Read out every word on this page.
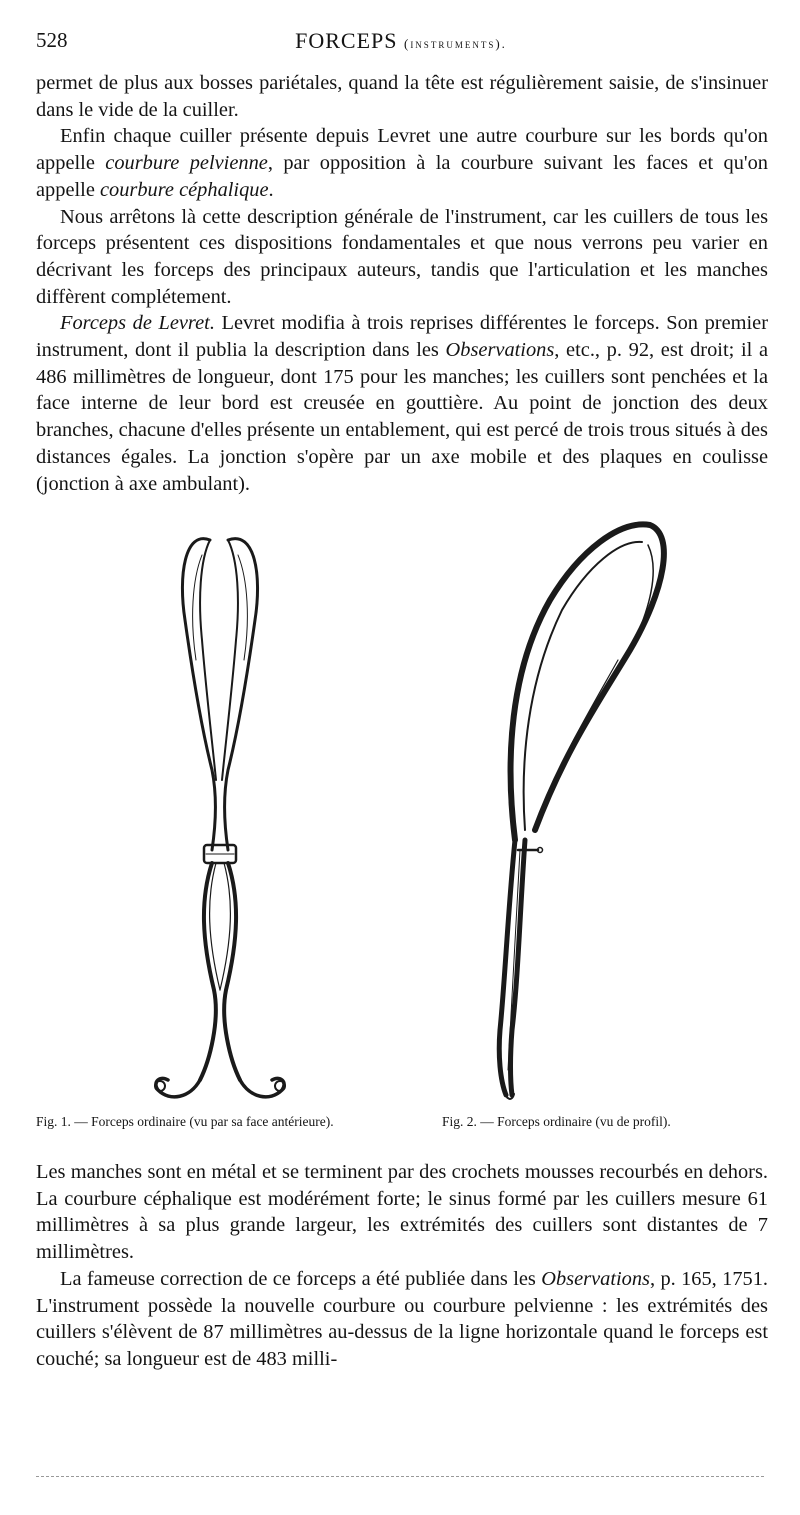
528	FORCEPS (instruments).

permet de plus aux bosses pariétales, quand la tête est régulièrement saisie, de s'insinuer dans le vide de la cuiller.

Enfin chaque cuiller présente depuis Levret une autre courbure sur les bords qu'on appelle courbure pelvienne, par opposition à la courbure suivant les faces et qu'on appelle courbure céphalique.

Nous arrêtons là cette description générale de l'instrument, car les cuillers de tous les forceps présentent ces dispositions fondamentales et que nous verrons peu varier en décrivant les forceps des principaux auteurs, tandis que l'articulation et les manches diffèrent complétement.

Forceps de Levret. Levret modifia à trois reprises différentes le forceps. Son premier instrument, dont il publia la description dans les Observations, etc., p. 92, est droit; il a 486 millimètres de longueur, dont 175 pour les manches; les cuillers sont penchées et la face interne de leur bord est creusée en gouttière. Au point de jonction des deux branches, chacune d'elles présente un entablement, qui est percé de trois trous situés à des distances égales. La jonction s'opère par un axe mobile et des plaques en coulisse (jonction à axe ambulant).

Fig. 1. — Forceps ordinaire (vu par sa face antérieure).	Fig. 2. — Forceps ordinaire (vu de profil).

Les manches sont en métal et se terminent par des crochets mousses recourbés en dehors. La courbure céphalique est modérément forte; le sinus formé par les cuillers mesure 61 millimètres à sa plus grande largeur, les extrémités des cuillers sont distantes de 7 millimètres.

La fameuse correction de ce forceps a été publiée dans les Observations, p. 165, 1751. L'instrument possède la nouvelle courbure ou courbure pelvienne : les extrémités des cuillers s'élèvent de 87 millimètres au-dessus de la ligne horizontale quand le forceps est couché; sa longueur est de 483 milli-
